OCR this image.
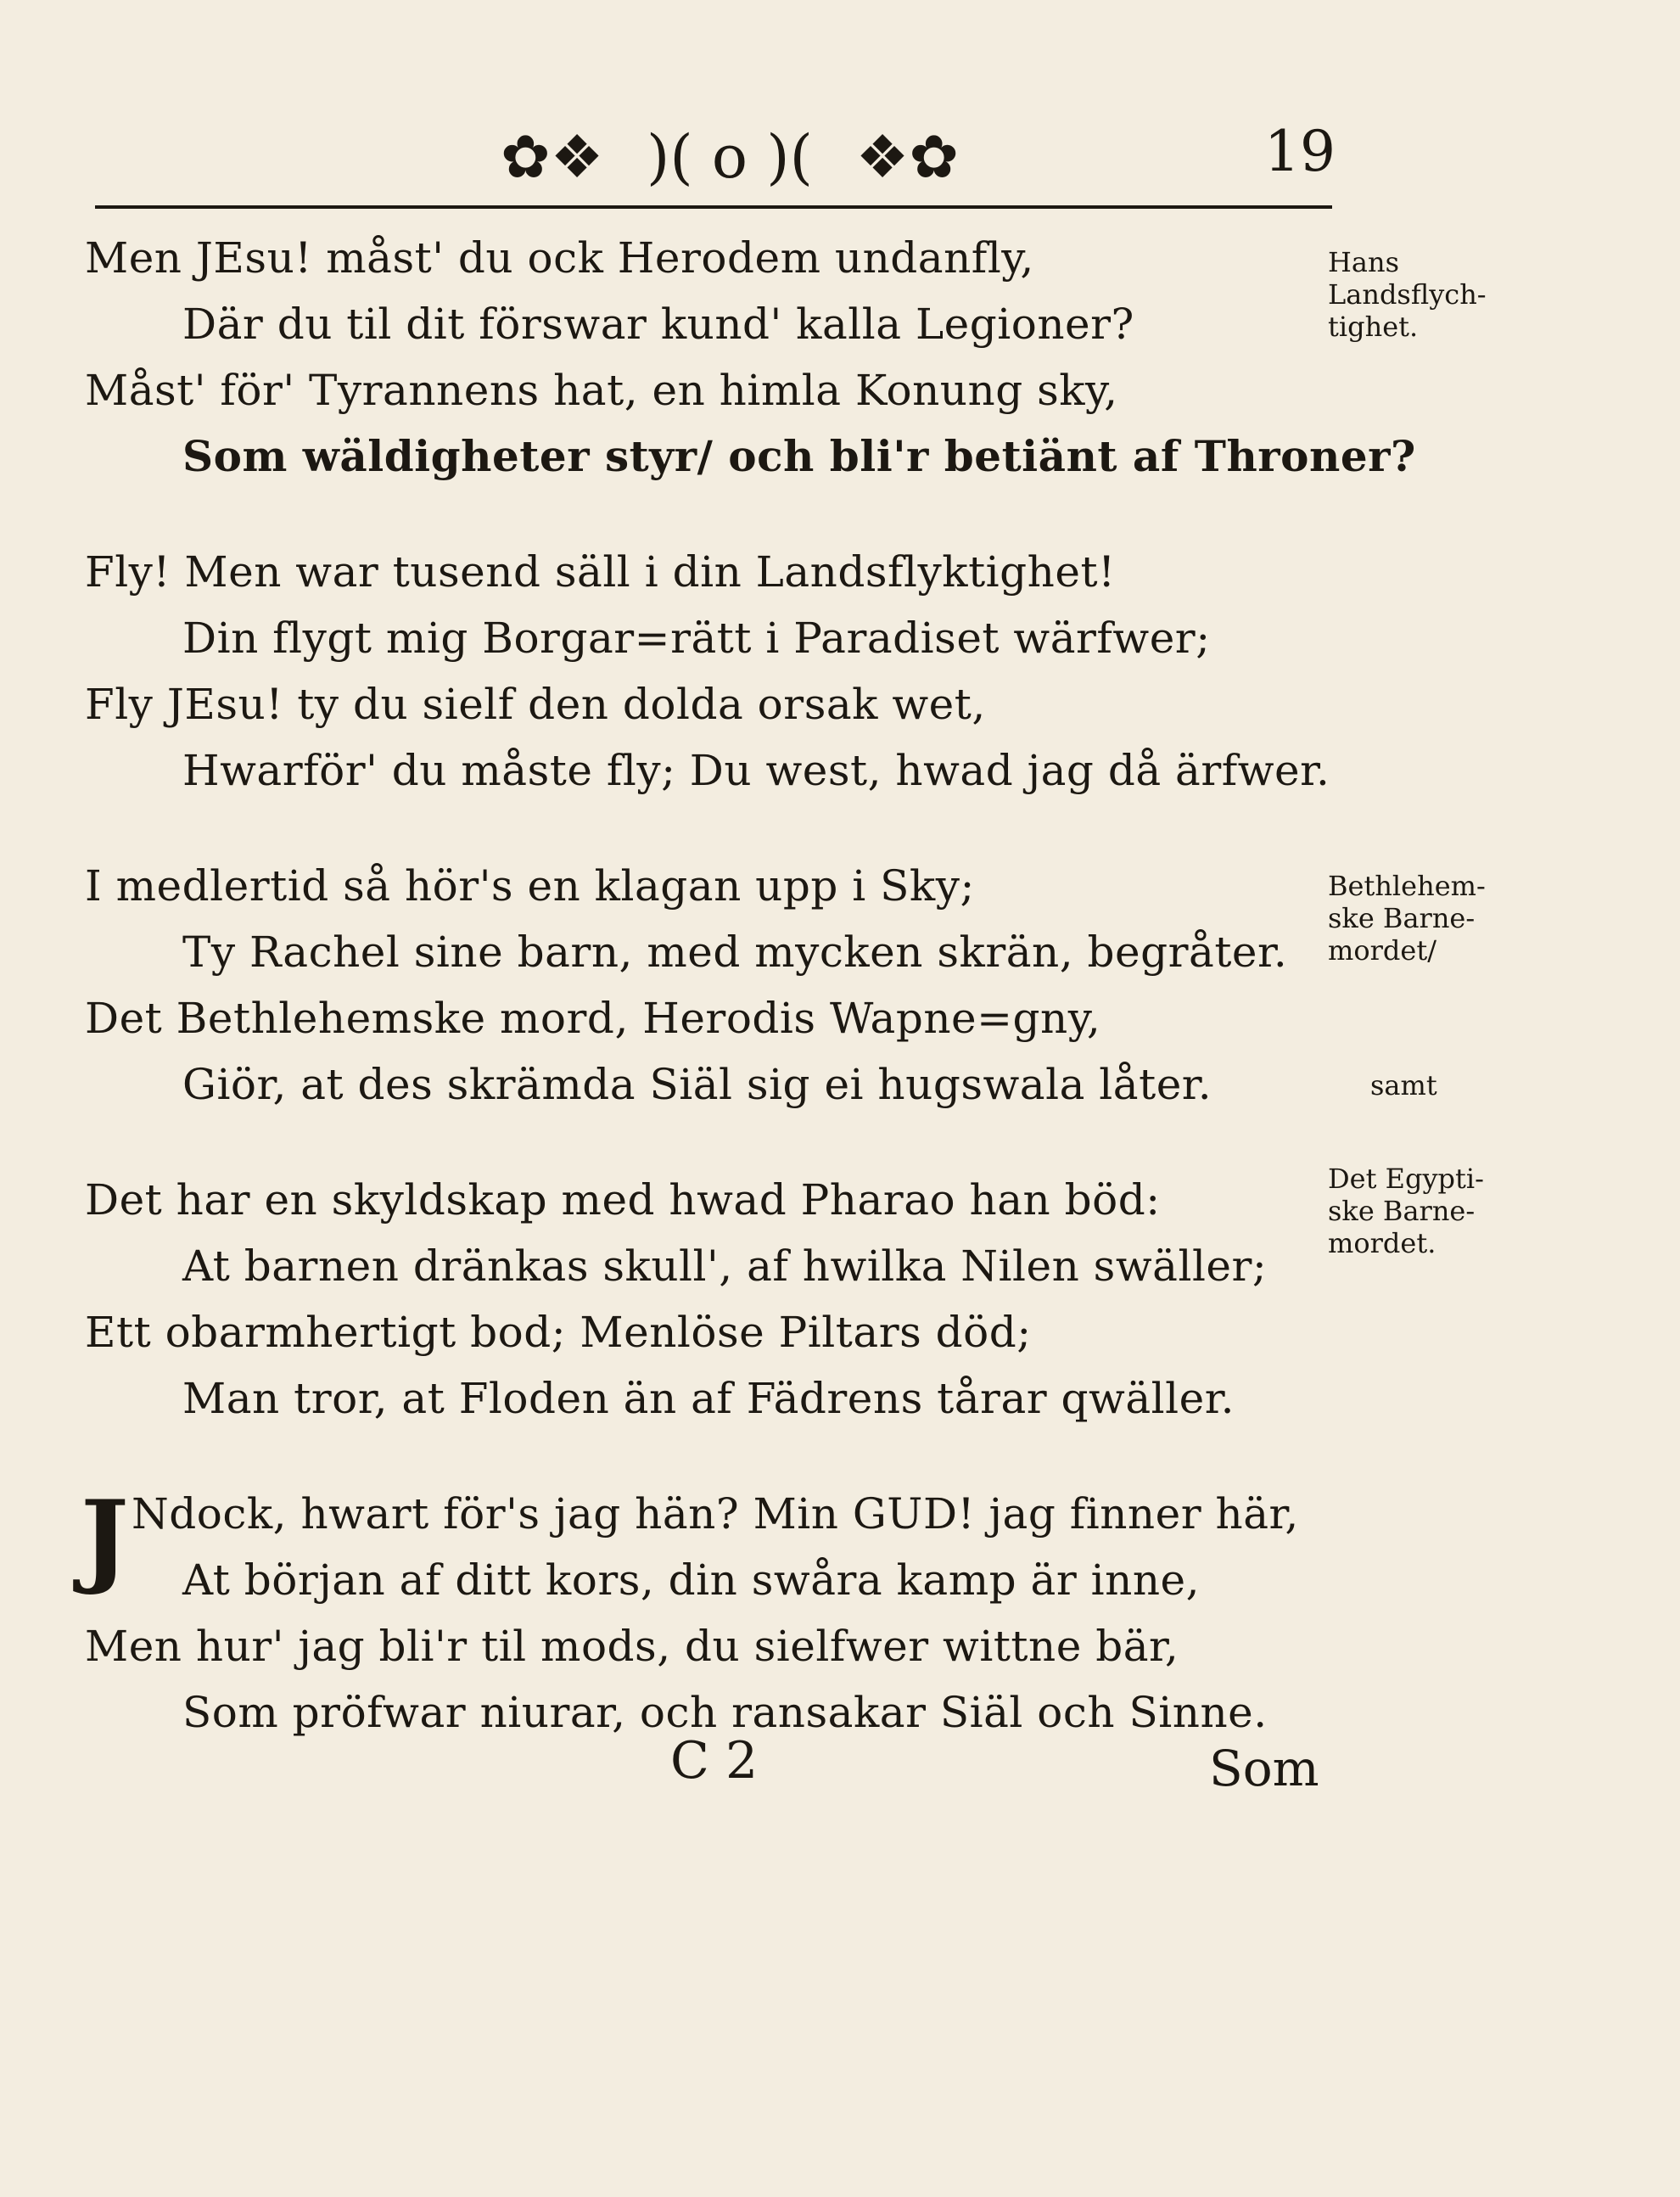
✿❖ )( o )( ❖✿	19
Men JEsu! måst' du ock Herodem undanfly,
Där du til dit förswar kund' kalla Legioner?
Måst' för' Tyrannens hat, en himla Konung sky,
Som wäldigheter styr/ och bli'r betiänt af Throner?
Fly! Men war tusend säll i din Landsflyktighet!
Din flygt mig Borgar=rätt i Paradiset wärfwer;
Fly JEsu! ty du sielf den dolda orsak wet,
Hwarför' du måste fly; Du west, hwad jag då ärfwer.
I medlertid så hör's en klagan upp i Sky;
Ty Rachel sine barn, med mycken skrän, begråter.
Det Bethlehemske mord, Herodis Wapne=gny,
Giör, at des skrämda Siäl sig ei hugswala låter.
Det har en skyldskap med hwad Pharao han böd:
At barnen dränkas skull', af hwilka Nilen swäller;
Ett obarmhertigt bod; Menlöse Piltars död;
Man tror, at Floden än af Fädrens tårar qwäller.
J Ndock, hwart för's jag hän? Min GUD! jag finner här,
At början af ditt kors, din swåra kamp är inne,
Men hur' jag bli'r til mods, du sielfwer wittne bär,
Som pröfwar niurar, och ransakar Siäl och Sinne.
Hans
Landsflych-
tighet.
Bethlehem-
ske Barne-
mordet/
samt
Det Egypti-
ske Barne-
mordet.
C 2	Som
